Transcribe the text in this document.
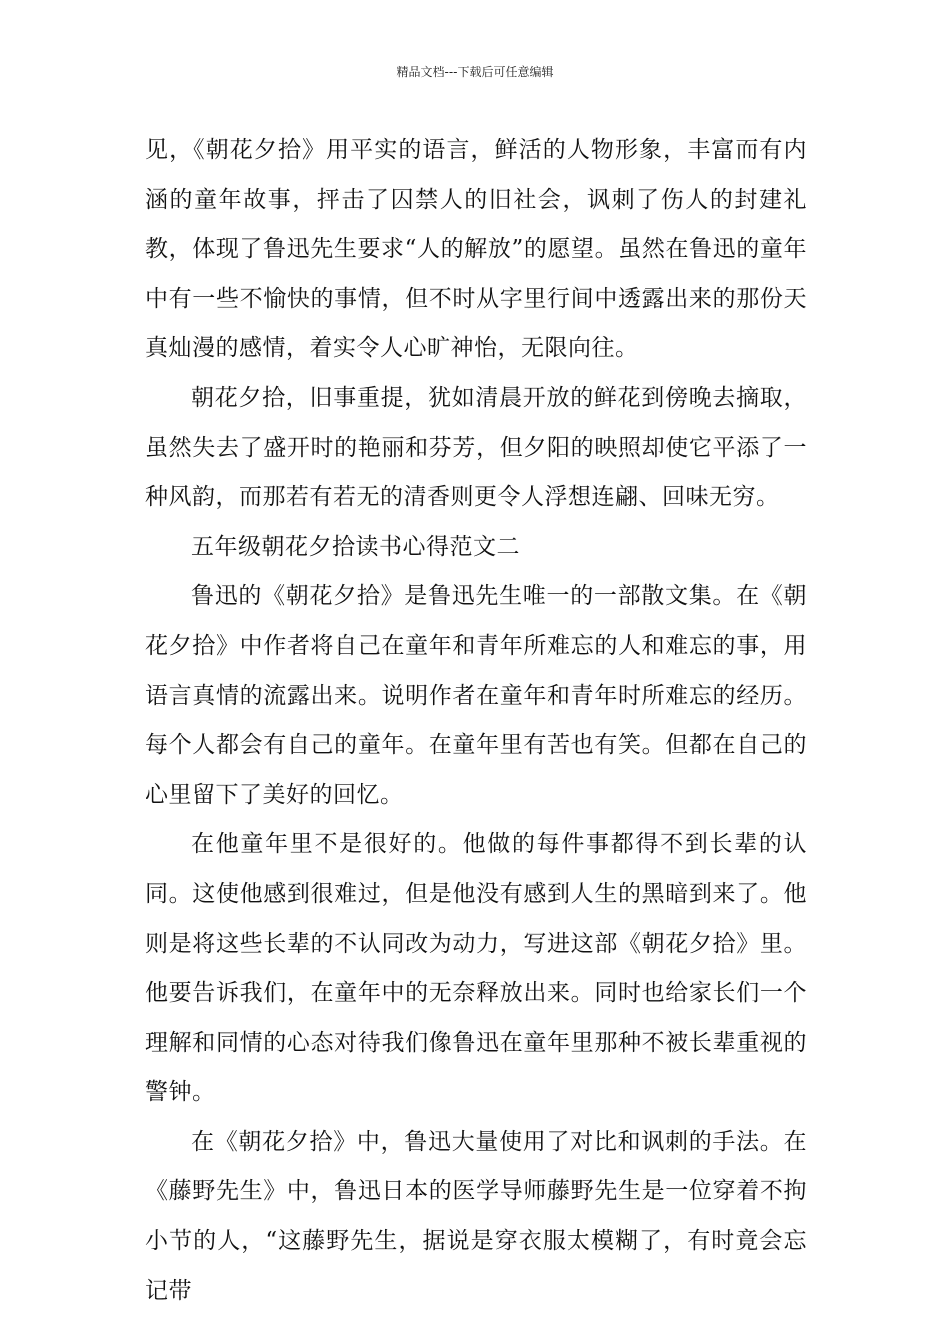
精品文档---下载后可任意编辑

见，《朝花夕拾》用平实的语言，鲜活的人物形象，丰富而有内涵的童年故事，抨击了囚禁人的旧社会，讽刺了伤人的封建礼教，体现了鲁迅先生要求“人的解放”的愿望。虽然在鲁迅的童年中有一些不愉快的事情，但不时从字里行间中透露出来的那份天真灿漫的感情，着实令人心旷神怡，无限向往。

朝花夕拾，旧事重提，犹如清晨开放的鲜花到傍晚去摘取，虽然失去了盛开时的艳丽和芬芳，但夕阳的映照却使它平添了一种风韵，而那若有若无的清香则更令人浮想连翩、回味无穷。

五年级朝花夕拾读书心得范文二

鲁迅的《朝花夕拾》是鲁迅先生唯一的一部散文集。在《朝花夕拾》中作者将自己在童年和青年所难忘的人和难忘的事，用语言真情的流露出来。说明作者在童年和青年时所难忘的经历。每个人都会有自己的童年。在童年里有苦也有笑。但都在自己的心里留下了美好的回忆。

在他童年里不是很好的。他做的每件事都得不到长辈的认同。这使他感到很难过，但是他没有感到人生的黑暗到来了。他则是将这些长辈的不认同改为动力，写进这部《朝花夕拾》里。他要告诉我们，在童年中的无奈释放出来。同时也给家长们一个理解和同情的心态对待我们像鲁迅在童年里那种不被长辈重视的警钟。

在《朝花夕拾》中，鲁迅大量使用了对比和讽刺的手法。在《藤野先生》中，鲁迅日本的医学导师藤野先生是一位穿着不拘小节的人，“这藤野先生，据说是穿衣服太模糊了，有时竟会忘记带
